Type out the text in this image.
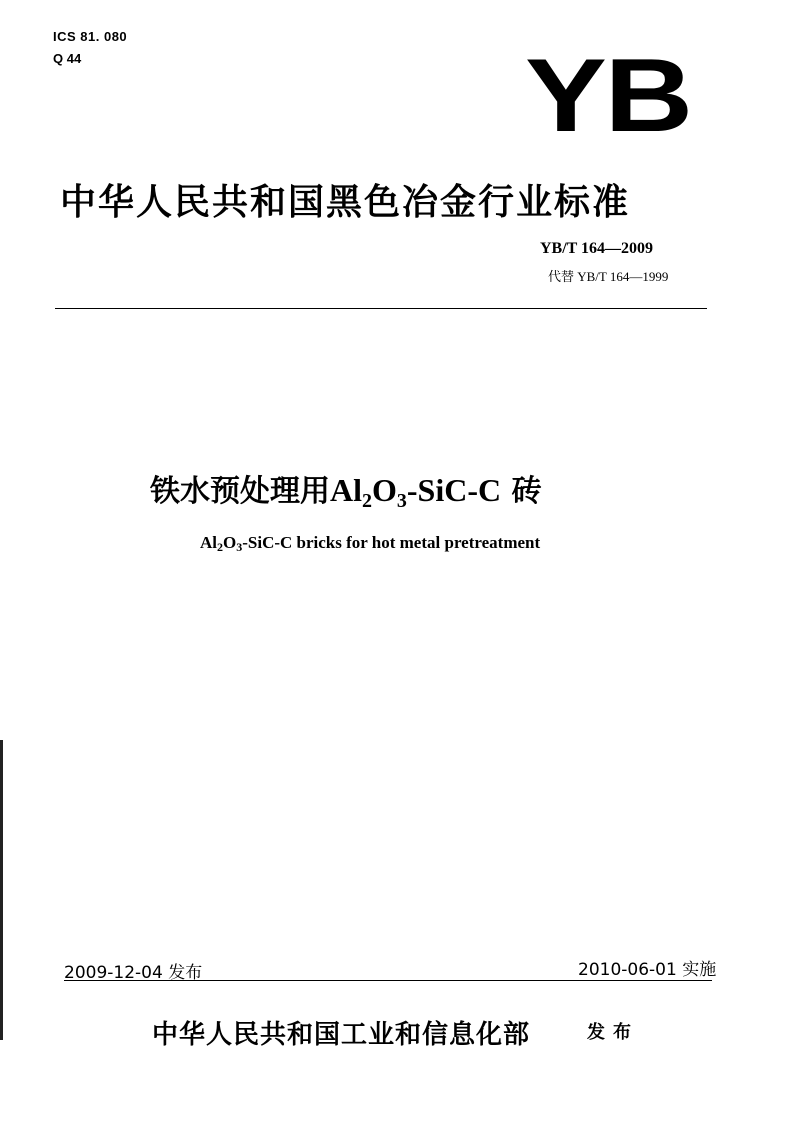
ICS 81. 080
Q 44	YB
中华人民共和国黑色冶金行业标准
YB/T 164—2009
代替 YB/T 164—1999
铁水预处理用$Al_2O_3-SiC-C$ 砖
$Al_2O_3-SiC-C$ bricks for hot metal pretreatment
2009-12-04 发布	2010-06-01 实施
中华人民共和国工业和信息化部	发布
